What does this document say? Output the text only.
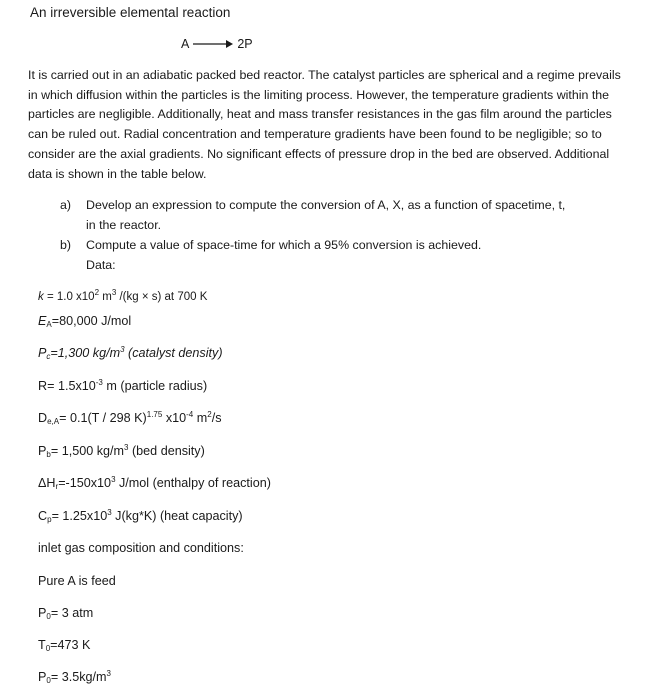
An irreversible elemental reaction
A → 2P
It is carried out in an adiabatic packed bed reactor. The catalyst particles are spherical and a regime prevails in which diffusion within the particles is the limiting process. However, the temperature gradients within the particles are negligible. Additionally, heat and mass transfer resistances in the gas film around the particles can be ruled out. Radial concentration and temperature gradients have been found to be negligible; so to consider are the axial gradients. No significant effects of pressure drop in the bed are observed. Additional data is shown in the table below.
a) Develop an expression to compute the conversion of A, X, as a function of spacetime, t,
in the reactor.
b) Compute a value of space-time for which a 95% conversion is achieved.
Data:
k = 1.0 $x10^2$ $m^3$ /(kg × s) at 700 K
$E_A=80,000$ J/mol
$P_c=1,300$ $kg/m^3$ (catalyst density)
$R= 1.5x10^{-3}$ m (particle radius)
$D_{e,A}= 0.1(T / 298$ K)$^{1.75}$ $x10^{-4}$ $m^2/s$
$P_b= 1,500$ $kg/m^3$ (bed density)
$\Delta H_r=-150x10^3$ J/mol (enthalpy of reaction)
$C_p= 1.25x10^3$ J(kg*K) (heat capacity)
inlet gas composition and conditions:
Pure A is feed
$P_0= 3$ atm
$T_0=473$ K
$P_0= 3.5kg/m^3$
